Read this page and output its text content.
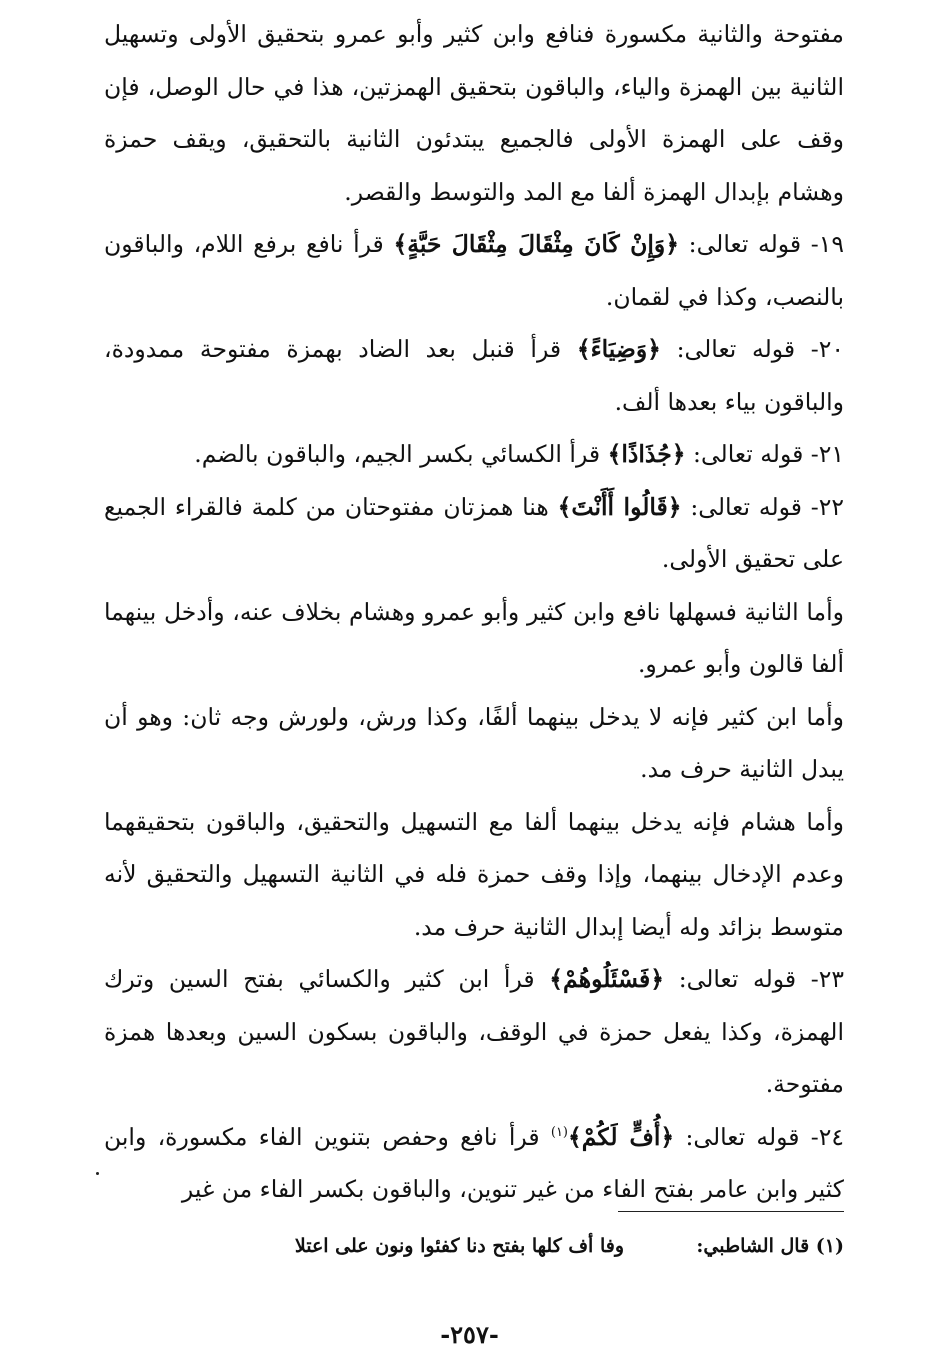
مفتوحة والثانية مكسورة فنافع وابن كثير وأبو عمرو بتحقيق الأولى وتسهيل الثانية بين الهمزة والياء، والباقون بتحقيق الهمزتين، هذا في حال الوصل، فإن وقف على الهمزة الأولى فالجميع يبتدئون الثانية بالتحقيق، ويقف حمزة وهشام بإبدال الهمزة ألفا مع المد والتوسط والقصر.

١٩- قوله تعالى: ﴿وَإِنْ كَانَ مِثْقَالَ مِثْقَالَ حَبَّةٍ﴾ قرأ نافع برفع اللام، والباقون بالنصب، وكذا في لقمان.

٢٠- قوله تعالى: ﴿وَضِيَاءً﴾ قرأ قنبل بعد الضاد بهمزة مفتوحة ممدودة، والباقون بياء بعدها ألف.

٢١- قوله تعالى: ﴿جُذَاذًا﴾ قرأ الكسائي بكسر الجيم، والباقون بالضم.

٢٢- قوله تعالى: ﴿قَالُوا أَأَنْتَ﴾ هنا همزتان مفتوحتان من كلمة فالقراء الجميع على تحقيق الأولى.

وأما الثانية فسهلها نافع وابن كثير وأبو عمرو وهشام بخلاف عنه، وأدخل بينهما ألفا قالون وأبو عمرو.

وأما ابن كثير فإنه لا يدخل بينهما ألفًا، وكذا ورش، ولورش وجه ثان: وهو أن يبدل الثانية حرف مد.

وأما هشام فإنه يدخل بينهما ألفا مع التسهيل والتحقيق، والباقون بتحقيقهما وعدم الإدخال بينهما، وإذا وقف حمزة فله في الثانية التسهيل والتحقيق لأنه متوسط بزائد وله أيضا إبدال الثانية حرف مد.

٢٣- قوله تعالى: ﴿فَسْئَلُوهُمْ﴾ قرأ ابن كثير والكسائي بفتح السين وترك الهمزة، وكذا يفعل حمزة في الوقف، والباقون بسكون السين وبعدها همزة مفتوحة.

٢٤- قوله تعالى: ﴿أُفٍّ لَكُمْ﴾$^{(١)}$ قرأ نافع وحفص بتنوين الفاء مكسورة، وابن كثير وابن عامر بفتح الفاء من غير تنوين، والباقون بكسر الفاء من غير

(١) قال الشاطبي:
وفا أف كلها بفتح دنا كفئوا ونون على اعتلا
-٢٥٧-
